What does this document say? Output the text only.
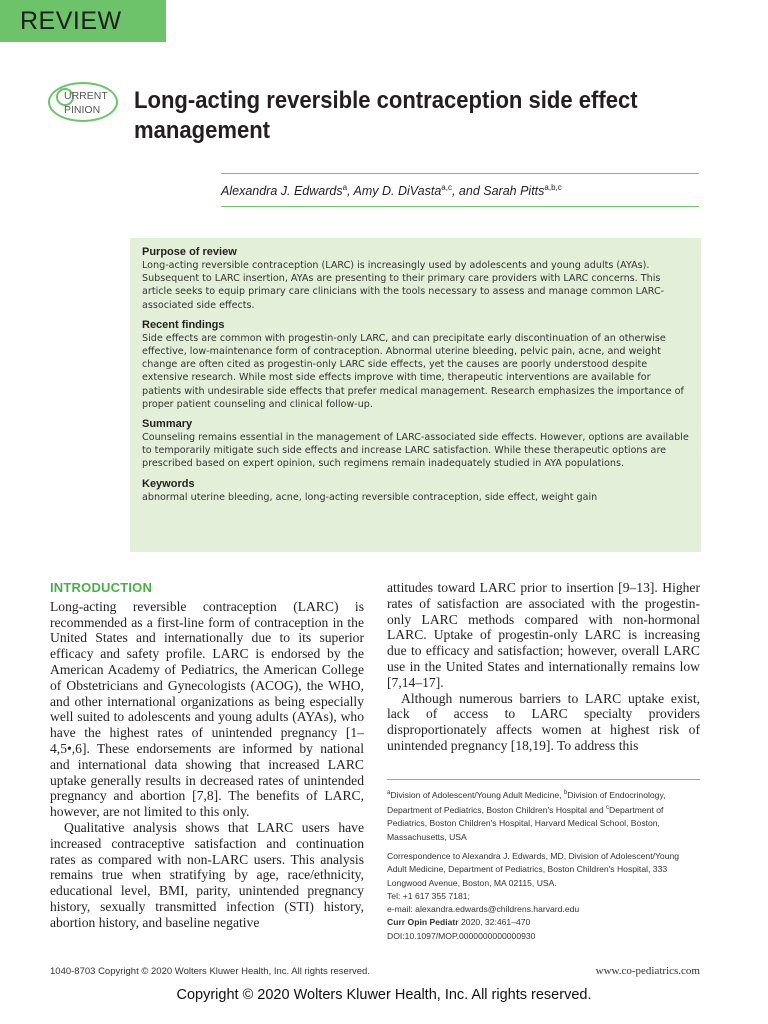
REVIEW
URRENT
PINION Long-acting reversible contraception side effect management
Alexandra J. Edwards$^a$, Amy D. DiVasta$^{a,c}$, and Sarah Pitts$^{a,b,c}$
Purpose of review

Long-acting reversible contraception (LARC) is increasingly used by adolescents and young adults (AYAs). Subsequent to LARC insertion, AYAs are presenting to their primary care providers with LARC concerns. This article seeks to equip primary care clinicians with the tools necessary to assess and manage common LARC-associated side effects.

Recent findings

Side effects are common with progestin-only LARC, and can precipitate early discontinuation of an otherwise effective, low-maintenance form of contraception. Abnormal uterine bleeding, pelvic pain, acne, and weight change are often cited as progestin-only LARC side effects, yet the causes are poorly understood despite extensive research. While most side effects improve with time, therapeutic interventions are available for patients with undesirable side effects that prefer medical management. Research emphasizes the importance of proper patient counseling and clinical follow-up.

Summary

Counseling remains essential in the management of LARC-associated side effects. However, options are available to temporarily mitigate such side effects and increase LARC satisfaction. While these therapeutic options are prescribed based on expert opinion, such regimens remain inadequately studied in AYA populations.

Keywords

abnormal uterine bleeding, acne, long-acting reversible contraception, side effect, weight gain

INTRODUCTION

Long-acting reversible contraception (LARC) is recommended as a first-line form of contraception in the United States and internationally due to its superior efficacy and safety profile. LARC is endorsed by the American Academy of Pediatrics, the American College of Obstetricians and Gynecologists (ACOG), the WHO, and other international organizations as being especially well suited to adolescents and young adults (AYAs), who have the highest rates of unintended pregnancy [1–4,5•,6]. These endorsements are informed by national and international data showing that increased LARC uptake generally results in decreased rates of unintended pregnancy and abortion [7,8]. The benefits of LARC, however, are not limited to this only.

Qualitative analysis shows that LARC users have increased contraceptive satisfaction and continuation rates as compared with non-LARC users. This analysis remains true when stratifying by age, race/ethnicity, educational level, BMI, parity, unintended pregnancy history, sexually transmitted infection (STI) history, abortion history, and baseline negative

attitudes toward LARC prior to insertion [9–13]. Higher rates of satisfaction are associated with the progestin-only LARC methods compared with non-hormonal LARC. Uptake of progestin-only LARC is increasing due to efficacy and satisfaction; however, overall LARC use in the United States and internationally remains low [7,14–17].

Although numerous barriers to LARC uptake exist, lack of access to LARC specialty providers disproportionately affects women at highest risk of unintended pregnancy [18,19]. To address this

$^a$Division of Adolescent/Young Adult Medicine, $^b$Division of Endocrinology, Department of Pediatrics, Boston Children's Hospital and $^c$Department of Pediatrics, Boston Children's Hospital, Harvard Medical School, Boston, Massachusetts, USA

Correspondence to Alexandra J. Edwards, MD, Division of Adolescent/Young Adult Medicine, Department of Pediatrics, Boston Children's Hospital, 333 Longwood Avenue, Boston, MA 02115, USA.

Tel: +1 617 355 7181;

e-mail: alexandra.edwards@childrens.harvard.edu

Curr Opin Pediatr 2020, 32:461–470

DOI:10.1097/MOP.0000000000000930

1040-8703 Copyright © 2020 Wolters Kluwer Health, Inc. All rights reserved.	www.co-pediatrics.com
Copyright © 2020 Wolters Kluwer Health, Inc. All rights reserved.
